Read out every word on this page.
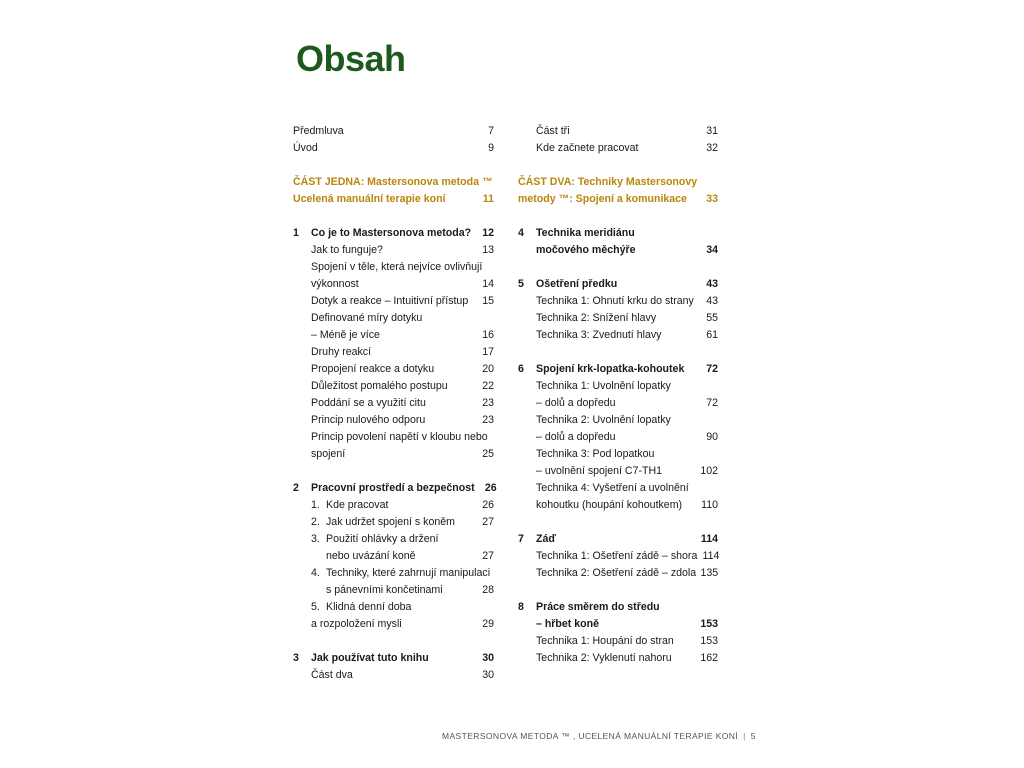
Obsah
Předmluva	7
Úvod	9
ČÁST JEDNA: Mastersonova metoda ™
Ucelená manuální terapie koní	11
1	Co je to Mastersonova metoda?	12
Jak to funguje?	13
Spojení v těle, která nejvíce ovlivňují
výkonnost	14
Dotyk a reakce – Intuitivní přístup	15
Definované míry dotyku
– Méně je více	16
Druhy reakcí	17
Propojení reakce a dotyku	20
Důležitost pomalého postupu	22
Poddání se a využití citu	23
Princip nulového odporu	23
Princip povolení napětí v kloubu nebo
spojení	25
2	Pracovní prostředí a bezpečnost 26
1. Kde pracovat	26
2. Jak udržet spojení s koněm	27
3. Použití ohlávky a držení
nebo uvázání koně	27
4. Techniky, které zahrnují manipulaci
s pánevními končetinami	28
5. Klidná denní doba
a rozpoložení mysli	29
3	Jak používat tuto knihu	30
Část dva	30
Část tři	31
Kde začnete pracovat	32
ČÁST DVA: Techniky Mastersonovy
metody ™: Spojení a komunikace	33
4	Technika meridiánu
močového měchýře	34
5	Ošetření předku	43
Technika 1: Ohnutí krku do strany	43
Technika 2: Snížení hlavy	55
Technika 3: Zvednutí hlavy	61
6	Spojení krk-lopatka-kohoutek	72
Technika 1: Uvolnění lopatky
– dolů a dopředu	72
Technika 2: Uvolnění lopatky
– dolů a dopředu	90
Technika 3: Pod lopatkou
– uvolnění spojení C7-TH1	102
Technika 4: Vyšetření a uvolnění
kohoutku (houpání kohoutkem)	110
7	Záď	114
Technika 1: Ošetření zádě – shora 114
Technika 2: Ošetření zádě – zdola 135
8	Práce směrem do středu
– hřbet koně	153
Technika 1: Houpání do stran	153
Technika 2: Vyklenutí nahoru	162
MASTERSONOVA METODA ™ , UCELENÁ MANUÁLNÍ TERAPIE KONÍ | 5
